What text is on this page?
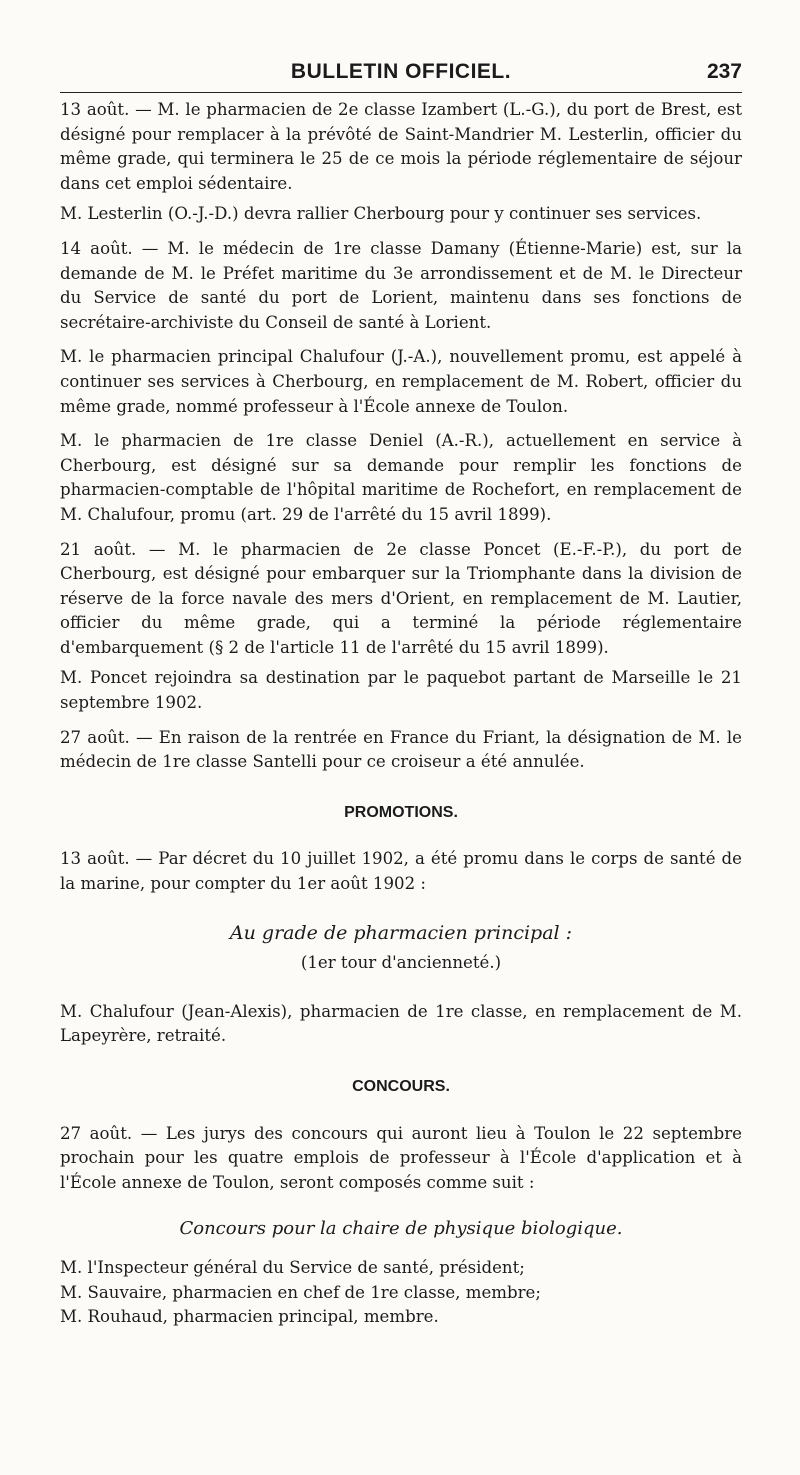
BULLETIN OFFICIEL.	237

13 août. — M. le pharmacien de 2e classe Izambert (L.-G.), du port de Brest, est désigné pour remplacer à la prévôté de Saint-Mandrier M. Lesterlin, officier du même grade, qui terminera le 25 de ce mois la période réglementaire de séjour dans cet emploi sédentaire.

M. Lesterlin (O.-J.-D.) devra rallier Cherbourg pour y continuer ses services.

14 août. — M. le médecin de 1re classe Damany (Étienne-Marie) est, sur la demande de M. le Préfet maritime du 3e arrondissement et de M. le Directeur du Service de santé du port de Lorient, maintenu dans ses fonctions de secrétaire-archiviste du Conseil de santé à Lorient.

M. le pharmacien principal Chalufour (J.-A.), nouvellement promu, est appelé à continuer ses services à Cherbourg, en remplacement de M. Robert, officier du même grade, nommé professeur à l'École annexe de Toulon.

M. le pharmacien de 1re classe Deniel (A.-R.), actuellement en service à Cherbourg, est désigné sur sa demande pour remplir les fonctions de pharmacien-comptable de l'hôpital maritime de Rochefort, en remplacement de M. Chalufour, promu (art. 29 de l'arrêté du 15 avril 1899).

21 août. — M. le pharmacien de 2e classe Poncet (E.-F.-P.), du port de Cherbourg, est désigné pour embarquer sur la Triomphante dans la division de réserve de la force navale des mers d'Orient, en remplacement de M. Lautier, officier du même grade, qui a terminé la période réglementaire d'embarquement (§ 2 de l'article 11 de l'arrêté du 15 avril 1899).

M. Poncet rejoindra sa destination par le paquebot partant de Marseille le 21 septembre 1902.

27 août. — En raison de la rentrée en France du Friant, la désignation de M. le médecin de 1re classe Santelli pour ce croiseur a été annulée.

PROMOTIONS.

13 août. — Par décret du 10 juillet 1902, a été promu dans le corps de santé de la marine, pour compter du 1er août 1902 :

Au grade de pharmacien principal :

(1er tour d'ancienneté.)

M. Chalufour (Jean-Alexis), pharmacien de 1re classe, en remplacement de M. Lapeyrère, retraité.

CONCOURS.

27 août. — Les jurys des concours qui auront lieu à Toulon le 22 septembre prochain pour les quatre emplois de professeur à l'École d'application et à l'École annexe de Toulon, seront composés comme suit :

Concours pour la chaire de physique biologique.

M. l'Inspecteur général du Service de santé, président;

M. Sauvaire, pharmacien en chef de 1re classe, membre;

M. Rouhaud, pharmacien principal, membre.
